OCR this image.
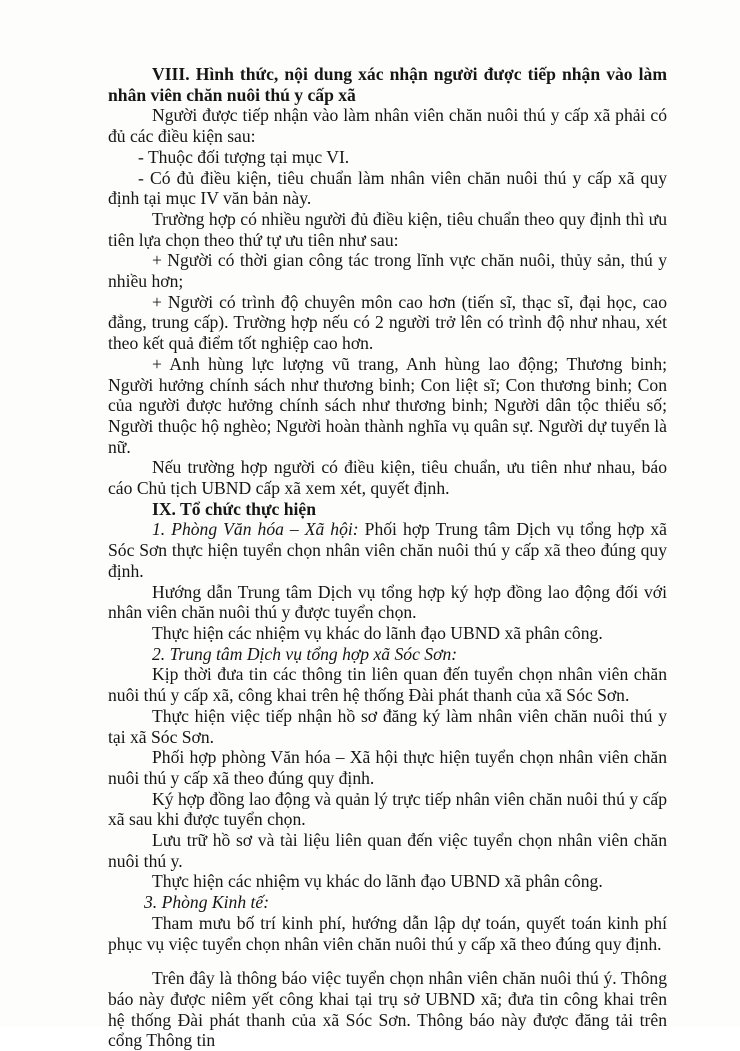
VIII. Hình thức, nội dung xác nhận người được tiếp nhận vào làm nhân viên chăn nuôi thú y cấp xã

Người được tiếp nhận vào làm nhân viên chăn nuôi thú y cấp xã phải có đủ các điều kiện sau:

- Thuộc đối tượng tại mục VI.

- Có đủ điều kiện, tiêu chuẩn làm nhân viên chăn nuôi thú y cấp xã quy định tại mục IV văn bản này.

Trường hợp có nhiều người đủ điều kiện, tiêu chuẩn theo quy định thì ưu tiên lựa chọn theo thứ tự ưu tiên như sau:

+ Người có thời gian công tác trong lĩnh vực chăn nuôi, thủy sản, thú y nhiều hơn;

+ Người có trình độ chuyên môn cao hơn (tiến sĩ, thạc sĩ, đại học, cao đẳng, trung cấp). Trường hợp nếu có 2 người trở lên có trình độ như nhau, xét theo kết quả điểm tốt nghiệp cao hơn.

+ Anh hùng lực lượng vũ trang, Anh hùng lao động; Thương binh; Người hưởng chính sách như thương binh; Con liệt sĩ; Con thương binh; Con của người được hưởng chính sách như thương binh; Người dân tộc thiểu số; Người thuộc hộ nghèo; Người hoàn thành nghĩa vụ quân sự. Người dự tuyển là nữ.

Nếu trường hợp người có điều kiện, tiêu chuẩn, ưu tiên như nhau, báo cáo Chủ tịch UBND cấp xã xem xét, quyết định.

IX. Tổ chức thực hiện

1. Phòng Văn hóa – Xã hội: Phối hợp Trung tâm Dịch vụ tổng hợp xã Sóc Sơn thực hiện tuyển chọn nhân viên chăn nuôi thú y cấp xã theo đúng quy định.

Hướng dẫn Trung tâm Dịch vụ tổng hợp ký hợp đồng lao động đối với nhân viên chăn nuôi thú y được tuyển chọn.

Thực hiện các nhiệm vụ khác do lãnh đạo UBND xã phân công.

2. Trung tâm Dịch vụ tổng hợp xã Sóc Sơn:

Kịp thời đưa tin các thông tin liên quan đến tuyển chọn nhân viên chăn nuôi thú y cấp xã, công khai trên hệ thống Đài phát thanh của xã Sóc Sơn.

Thực hiện việc tiếp nhận hồ sơ đăng ký làm nhân viên chăn nuôi thú y tại xã Sóc Sơn.

Phối hợp phòng Văn hóa – Xã hội thực hiện tuyển chọn nhân viên chăn nuôi thú y cấp xã theo đúng quy định.

Ký hợp đồng lao động và quản lý trực tiếp nhân viên chăn nuôi thú y cấp xã sau khi được tuyển chọn.

Lưu trữ hồ sơ và tài liệu liên quan đến việc tuyển chọn nhân viên chăn nuôi thú y.

Thực hiện các nhiệm vụ khác do lãnh đạo UBND xã phân công.

3. Phòng Kinh tế:

Tham mưu bố trí kinh phí, hướng dẫn lập dự toán, quyết toán kinh phí phục vụ việc tuyển chọn nhân viên chăn nuôi thú y cấp xã theo đúng quy định.

Trên đây là thông báo việc tuyển chọn nhân viên chăn nuôi thú ý. Thông báo này được niêm yết công khai tại trụ sở UBND xã; đưa tin công khai trên hệ thống Đài phát thanh của xã Sóc Sơn. Thông báo này được đăng tải trên cổng Thông tin
